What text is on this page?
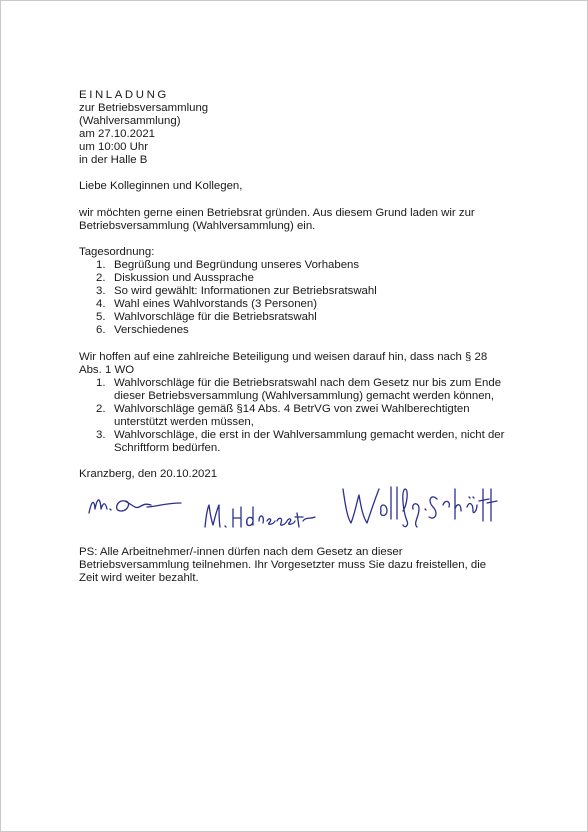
EINLADUNG
zur Betriebsversammlung
(Wahlversammlung)
am 27.10.2021
um 10:00 Uhr
in der Halle B
Liebe Kolleginnen und Kollegen,
wir möchten gerne einen Betriebsrat gründen. Aus diesem Grund laden wir zur
Betriebsversammlung (Wahlversammlung) ein.
Tagesordnung:
1. Begrüßung und Begründung unseres Vorhabens
2. Diskussion und Aussprache
3. So wird gewählt: Informationen zur Betriebsratswahl
4. Wahl eines Wahlvorstands (3 Personen)
5. Wahlvorschläge für die Betriebsratswahl
6. Verschiedenes
Wir hoffen auf eine zahlreiche Beteiligung und weisen darauf hin, dass nach § 28
Abs. 1 WO
1. Wahlvorschläge für die Betriebsratswahl nach dem Gesetz nur bis zum Ende
dieser Betriebsversammlung (Wahlversammlung) gemacht werden können,
2. Wahlvorschläge gemäß §14 Abs. 4 BetrVG von zwei Wahlberechtigten
unterstützt werden müssen,
3. Wahlvorschläge, die erst in der Wahlversammlung gemacht werden, nicht der
Schriftform bedürfen.
Kranzberg, den 20.10.2021
PS: Alle Arbeitnehmer/-innen dürfen nach dem Gesetz an dieser
Betriebsversammlung teilnehmen. Ihr Vorgesetzter muss Sie dazu freistellen, die
Zeit wird weiter bezahlt.
